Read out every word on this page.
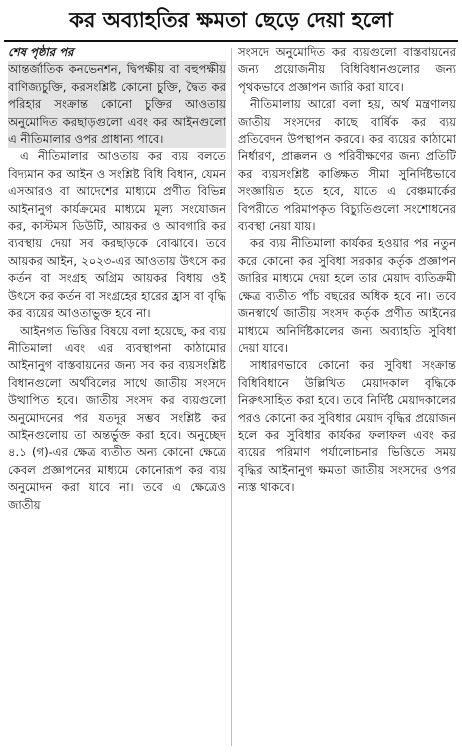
কর অব্যাহতির ক্ষমতা ছেড়ে দেয়া হলো

শেষ পৃষ্ঠার পর

আন্তর্জাতিক কনভেনশন, দ্বিপক্ষীয় বা বহুপক্ষীয় বাণিজ্যচুক্তি, করসংশ্লিষ্ট কোনো চুক্তি, দ্বৈত কর পরিহার সংক্রান্ত কোনো চুক্তির আওতায় অনুমোদিত করছাড়গুলো এবং কর আইনগুলো এ নীতিমালার ওপর প্রাধান্য পাবে।

এ নীতিমালার আওতায় কর ব্যয় বলতে বিদ্যমান কর আইন ও সংশ্লিষ্ট বিধি বিধান, যেমন এসআরও বা আদেশের মাধ্যমে প্রণীত বিভিন্ন আইনানুগ কার্যক্রমের মাধ্যমে মূল্য সংযোজন কর, কাস্টমস ডিউটি, আয়কর ও আবগারি কর ব্যবস্থায় দেয়া সব করছাড়কে বোঝাবে। তবে আয়কর আইন, ২০২৩-এর আওতায় উৎসে কর কর্তন বা সংগ্রহ অগ্রিম আয়কর বিধায় ওই উৎসে কর কর্তন বা সংগ্রহের হারের হ্রাস বা বৃদ্ধি কর ব্যয়ের আওতাভুক্ত হবে না।

আইনগত ভিত্তির বিষয়ে বলা হয়েছে, কর ব্যয় নীতিমালা এবং এর ব্যবস্থাপনা কাঠামোর আইনানুগ বাস্তবায়নের জন্য সব কর ব্যয়সংশ্লিষ্ট বিধানগুলো অর্থবিলের সাথে জাতীয় সংসদে উত্থাপিত হবে। জাতীয় সংসদ কর ব্যয়গুলো অনুমোদনের পর যতদূর সম্ভব সংশ্লিষ্ট কর আইনগুলোয় তা অন্তর্ভুক্ত করা হবে। অনুচ্ছেদ ৪.১ (গ)-এর ক্ষেত্র ব্যতীত অন্য কোনো ক্ষেত্রে কেবল প্রজ্ঞাপনের মাধ্যমে কোনোরূপ কর ব্যয় অনুমোদন করা যাবে না। তবে এ ক্ষেত্রেও জাতীয়

সংসদে অনুমোদিত কর ব্যয়গুলো বাস্তবায়নের জন্য প্রয়োজনীয় বিধিবিধানগুলোর জন্য পৃথকভাবে প্রজ্ঞাপন জারি করা যাবে।

নীতিমালায় আরো বলা হয়, অর্থ মন্ত্রণালয় জাতীয় সংসদের কাছে বার্ষিক কর ব্যয় প্রতিবেদন উপস্থাপন করবে। কর ব্যয়ের কাঠামো নির্ধারণ, প্রাক্কলন ও পরিবীক্ষণের জন্য প্রতিটি কর ব্যয়সংশ্লিষ্ট কাঙ্ক্ষিত সীমা সুনির্দিষ্টভাবে সংজ্ঞায়িত হতে হবে, যাতে এ বেঞ্চমার্কের বিপরীতে পরিমাপকৃত বিচ্যুতিগুলো সংশোধনের ব্যবস্থা নেয়া যায়।

কর ব্যয় নীতিমালা কার্যকর হওয়ার পর নতুন করে কোনো কর সুবিধা সরকার কর্তৃক প্রজ্ঞাপন জারির মাধ্যমে দেয়া হলে তার মেয়াদ ব্যতিক্রমী ক্ষেত্র ব্যতীত পাঁচ বছরের অধিক হবে না। তবে জনস্বার্থে জাতীয় সংসদ কর্তৃক প্রণীত আইনের মাধ্যমে অনির্দিষ্টকালের জন্য অব্যাহতি সুবিধা দেয়া যাবে।

সাধারণভাবে কোনো কর সুবিধা সংক্রান্ত বিধিবিধানে উল্লিখিত মেয়াদকাল বৃদ্ধিকে নিরুৎসাহিত করা হবে। তবে নির্দিষ্ট মেয়াদকালের পরও কোনো কর সুবিধার মেয়াদ বৃদ্ধির প্রয়োজন হলে কর সুবিধার কার্যকর ফলাফল এবং কর ব্যয়ের পরিমাণ পর্যালোচনার ভিত্তিতে সময় বৃদ্ধির আইনানুগ ক্ষমতা জাতীয় সংসদের ওপর ন্যস্ত থাকবে।
